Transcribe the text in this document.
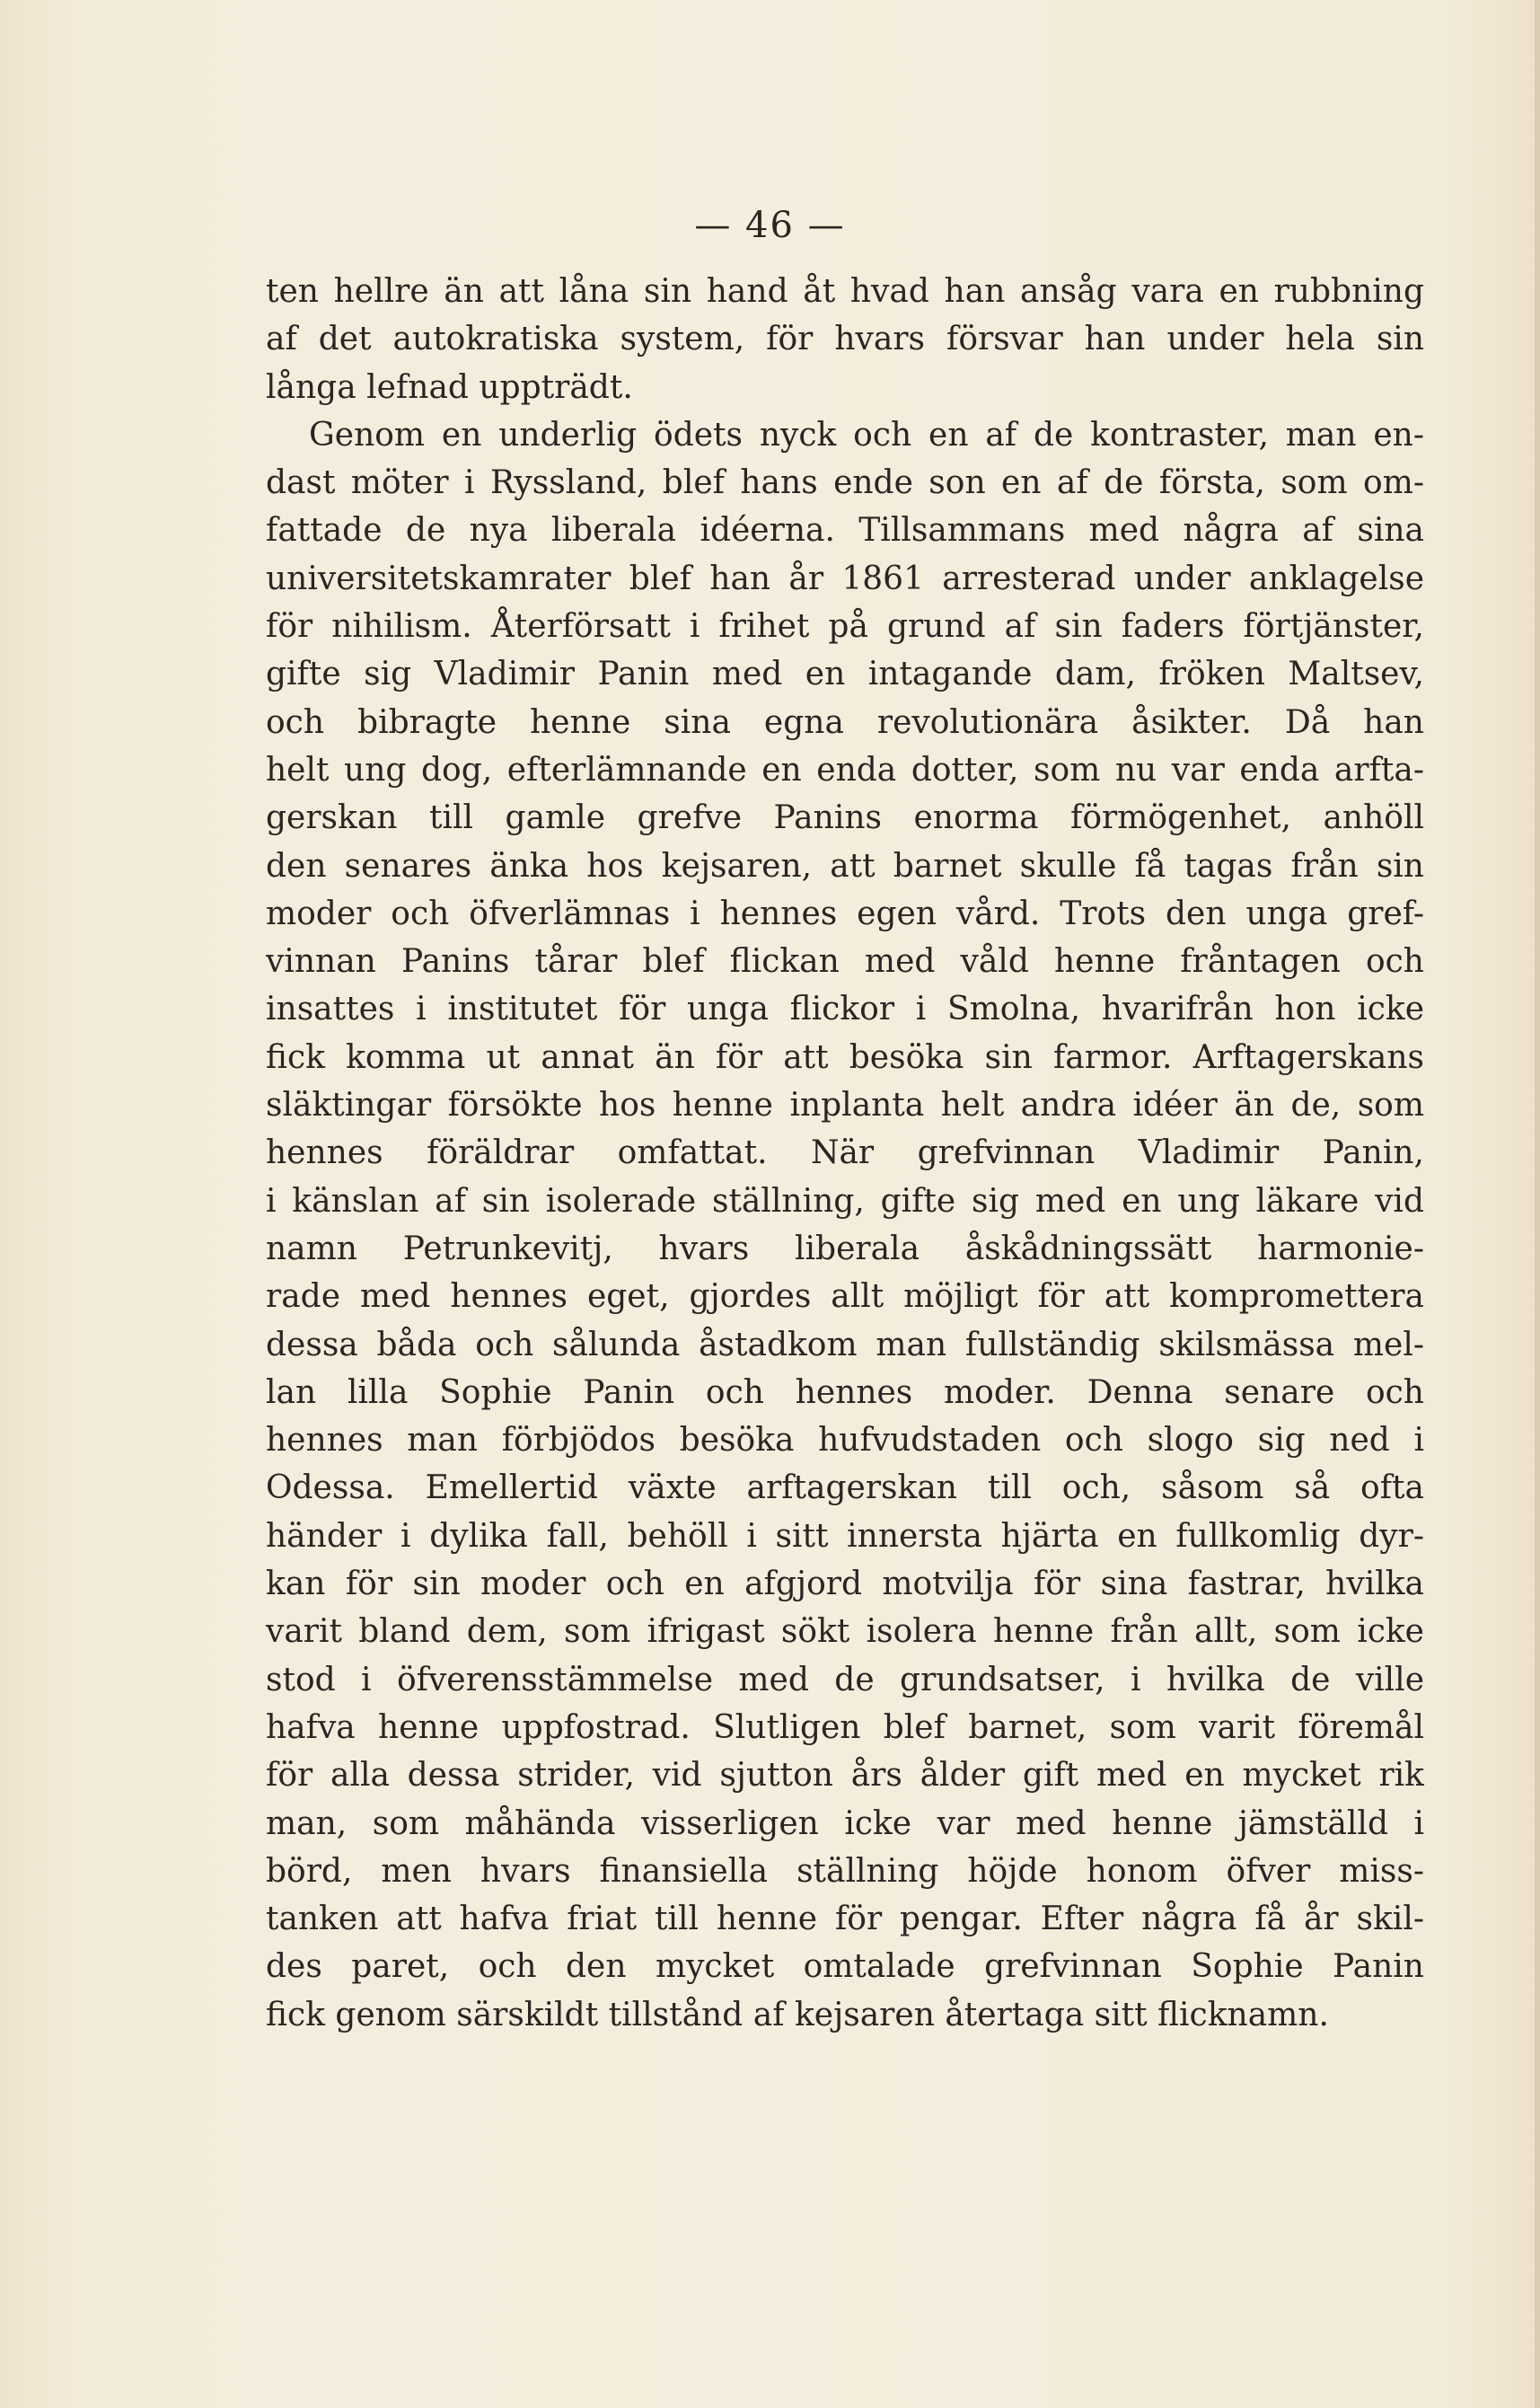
— 46 —
ten hellre än att låna sin hand åt hvad han ansåg vara en rubbning
af det autokratiska system, för hvars försvar han under hela sin
långa lefnad uppträdt.
Genom en underlig ödets nyck och en af de kontraster, man en-
dast möter i Ryssland, blef hans ende son en af de första, som om-
fattade de nya liberala idéerna. Tillsammans med några af sina
universitetskamrater blef han år 1861 arresterad under anklagelse
för nihilism. Återförsatt i frihet på grund af sin faders förtjänster,
gifte sig Vladimir Panin med en intagande dam, fröken Maltsev,
och bibragte henne sina egna revolutionära åsikter. Då han
helt ung dog, efterlämnande en enda dotter, som nu var enda arfta-
gerskan till gamle grefve Panins enorma förmögenhet, anhöll
den senares änka hos kejsaren, att barnet skulle få tagas från sin
moder och öfverlämnas i hennes egen vård. Trots den unga gref-
vinnan Panins tårar blef flickan med våld henne fråntagen och
insattes i institutet för unga flickor i Smolna, hvarifrån hon icke
fick komma ut annat än för att besöka sin farmor. Arftagerskans
släktingar försökte hos henne inplanta helt andra idéer än de, som
hennes föräldrar omfattat. När grefvinnan Vladimir Panin,
i känslan af sin isolerade ställning, gifte sig med en ung läkare vid
namn Petrunkevitj, hvars liberala åskådningssätt harmonie-
rade med hennes eget, gjordes allt möjligt för att kompromettera
dessa båda och sålunda åstadkom man fullständig skilsmässa mel-
lan lilla Sophie Panin och hennes moder. Denna senare och
hennes man förbjödos besöka hufvudstaden och slogo sig ned i
Odessa. Emellertid växte arftagerskan till och, såsom så ofta
händer i dylika fall, behöll i sitt innersta hjärta en fullkomlig dyr-
kan för sin moder och en afgjord motvilja för sina fastrar, hvilka
varit bland dem, som ifrigast sökt isolera henne från allt, som icke
stod i öfverensstämmelse med de grundsatser, i hvilka de ville
hafva henne uppfostrad. Slutligen blef barnet, som varit föremål
för alla dessa strider, vid sjutton års ålder gift med en mycket rik
man, som måhända visserligen icke var med henne jämställd i
börd, men hvars finansiella ställning höjde honom öfver miss-
tanken att hafva friat till henne för pengar. Efter några få år skil-
des paret, och den mycket omtalade grefvinnan Sophie Panin
fick genom särskildt tillstånd af kejsaren återtaga sitt flicknamn.
